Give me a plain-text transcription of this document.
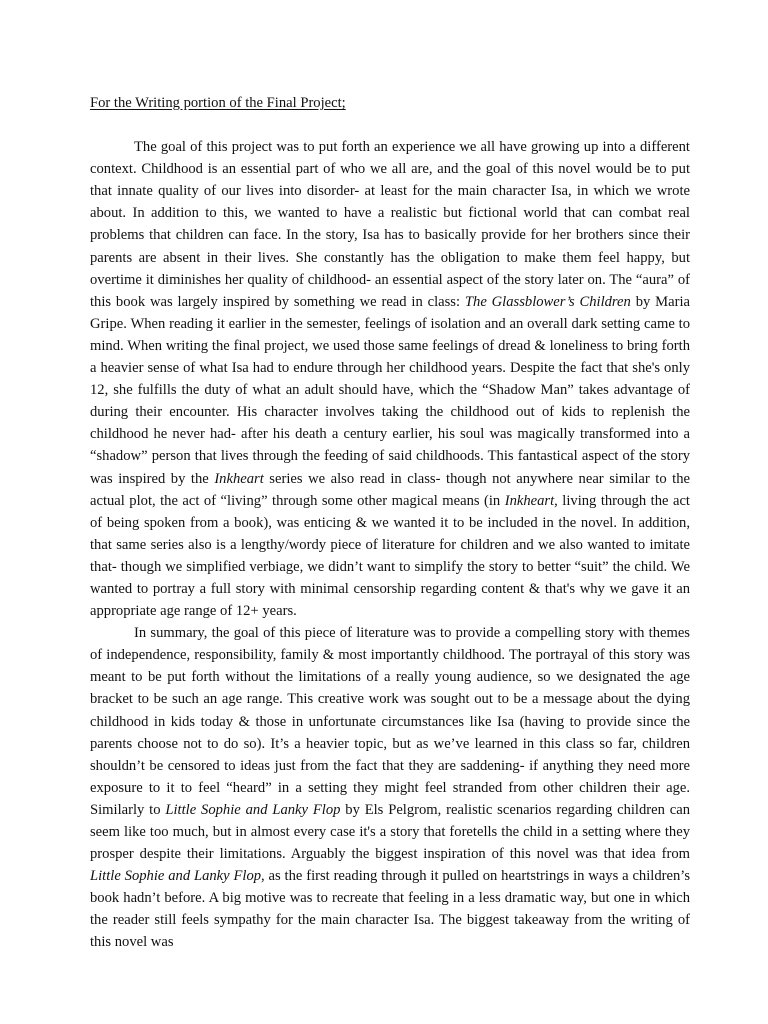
For the Writing portion of the Final Project;

The goal of this project was to put forth an experience we all have growing up into a different context. Childhood is an essential part of who we all are, and the goal of this novel would be to put that innate quality of our lives into disorder- at least for the main character Isa, in which we wrote about. In addition to this, we wanted to have a realistic but fictional world that can combat real problems that children can face. In the story, Isa has to basically provide for her brothers since their parents are absent in their lives. She constantly has the obligation to make them feel happy, but overtime it diminishes her quality of childhood- an essential aspect of the story later on. The “aura” of this book was largely inspired by something we read in class: The Glassblower’s Children by Maria Gripe. When reading it earlier in the semester, feelings of isolation and an overall dark setting came to mind. When writing the final project, we used those same feelings of dread & loneliness to bring forth a heavier sense of what Isa had to endure through her childhood years. Despite the fact that she's only 12, she fulfills the duty of what an adult should have, which the “Shadow Man” takes advantage of during their encounter. His character involves taking the childhood out of kids to replenish the childhood he never had- after his death a century earlier, his soul was magically transformed into a “shadow” person that lives through the feeding of said childhoods. This fantastical aspect of the story was inspired by the Inkheart series we also read in class- though not anywhere near similar to the actual plot, the act of “living” through some other magical means (in Inkheart, living through the act of being spoken from a book), was enticing & we wanted it to be included in the novel. In addition, that same series also is a lengthy/wordy piece of literature for children and we also wanted to imitate that- though we simplified verbiage, we didn’t want to simplify the story to better “suit” the child. We wanted to portray a full story with minimal censorship regarding content & that's why we gave it an appropriate age range of 12+ years.

In summary, the goal of this piece of literature was to provide a compelling story with themes of independence, responsibility, family & most importantly childhood. The portrayal of this story was meant to be put forth without the limitations of a really young audience, so we designated the age bracket to be such an age range. This creative work was sought out to be a message about the dying childhood in kids today & those in unfortunate circumstances like Isa (having to provide since the parents choose not to do so). It’s a heavier topic, but as we’ve learned in this class so far, children shouldn’t be censored to ideas just from the fact that they are saddening- if anything they need more exposure to it to feel “heard” in a setting they might feel stranded from other children their age. Similarly to Little Sophie and Lanky Flop by Els Pelgrom, realistic scenarios regarding children can seem like too much, but in almost every case it's a story that foretells the child in a setting where they prosper despite their limitations. Arguably the biggest inspiration of this novel was that idea from Little Sophie and Lanky Flop, as the first reading through it pulled on heartstrings in ways a children’s book hadn’t before. A big motive was to recreate that feeling in a less dramatic way, but one in which the reader still feels sympathy for the main character Isa. The biggest takeaway from the writing of this novel was
